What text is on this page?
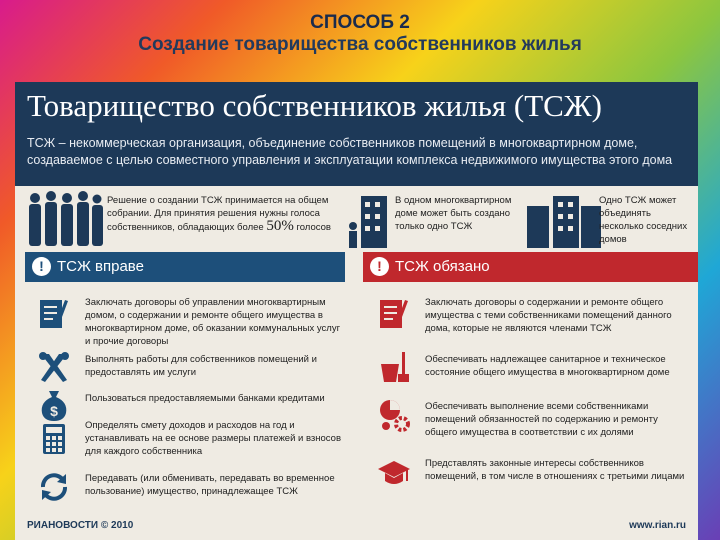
СПОСОБ 2
Создание товарищества собственников жилья
Товарищество собственников жилья (ТСЖ)
ТСЖ – некоммерческая организация, объединение собственников помещений в многоквартирном доме, создаваемое с целью совместного управления и эксплуатации комплекса недвижимого имущества этого дома
Решение о создании ТСЖ принимается на общем собрании. Для принятия решения нужны голоса собственников, обладающих более 50% голосов
В одном многоквартирном доме может быть создано только одно ТСЖ
Одно ТСЖ может объединять несколько соседних домов
! ТСЖ вправе	! ТСЖ обязано
Заключать договоры об управлении многоквартирным домом, о содержании и ремонте общего имущества в многоквартирном доме, об оказании коммунальных услуг и прочие договоры
Выполнять работы для собственников помещений и предоставлять им услуги
$
Пользоваться предоставляемыми банками кредитами
Определять смету доходов и расходов на год и устанавливать на ее основе размеры платежей и взносов для каждого собственника
Передавать (или обменивать, передавать во временное пользование) имущество, принадлежащее ТСЖ
Заключать договоры о содержании и ремонте общего имущества с теми собственниками помещений данного дома, которые не являются членами ТСЖ
Обеспечивать надлежащее санитарное и техническое состояние общего имущества в многоквартирном доме
Обеспечивать выполнение всеми собственниками помещений обязанностей по содержанию и ремонту общего имущества в соответствии с их долями
Представлять законные интересы собственников помещений, в том числе в отношениях с третьими лицами
РИАНОВОСТИ © 2010	www.rian.ru
